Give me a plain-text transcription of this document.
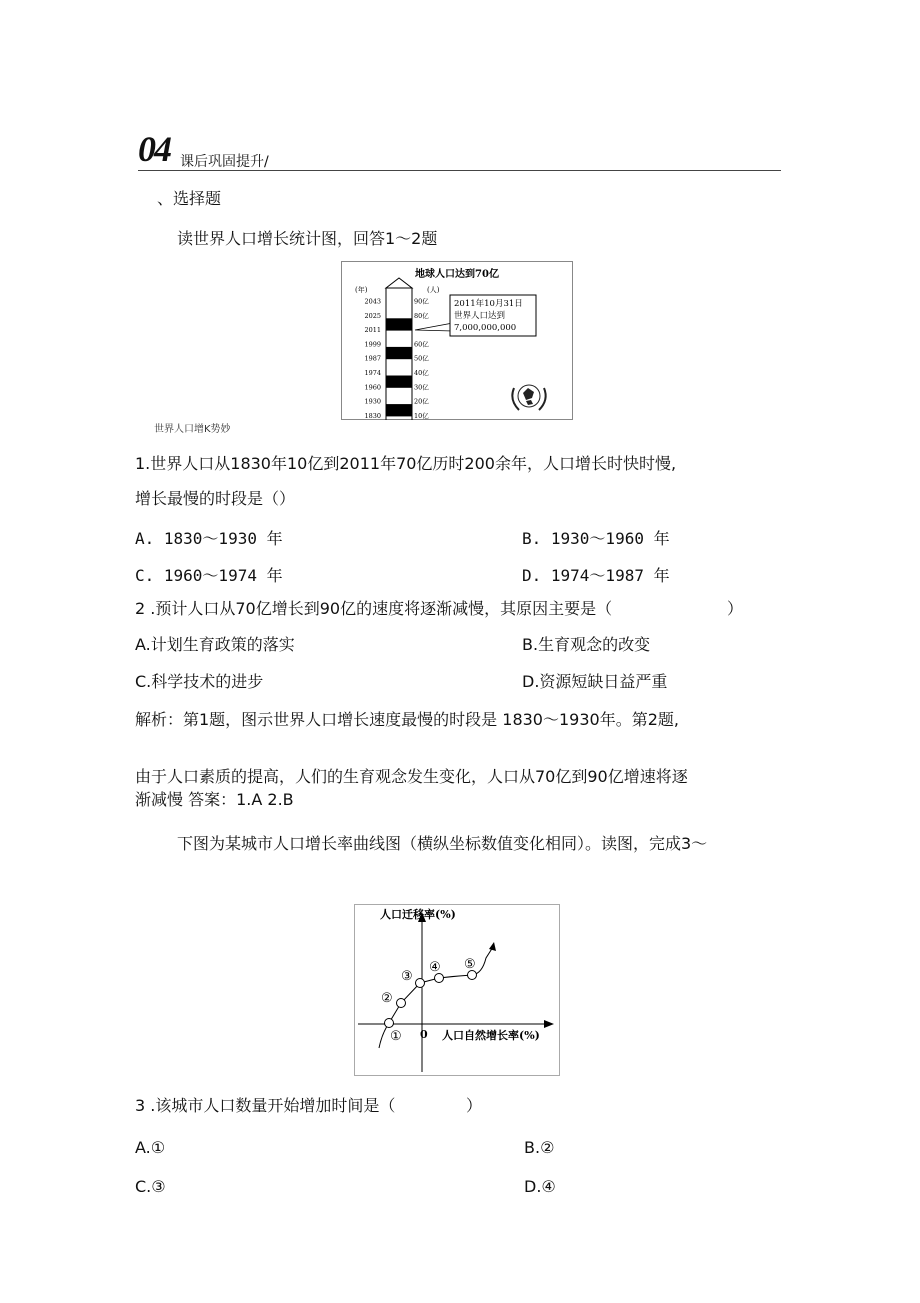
04 课后巩固提升/
、选择题
读世界人口增长统计图，回答1～2题
地球人口达到70亿
(年)	(人)
2043
2025
2011
1999
1987
1974
1960
1930
1830
90亿
80亿
60亿
50亿
40亿
30亿
20亿
10亿
2011年10月31日
世界人口达到
7,000,000,000
世界人口增K势妙
1.世界人口从1830年10亿到2011年70亿历时200余年，人口增长时快时慢,
增长最慢的时段是（）
A. 1830～1930 年	B. 1930～1960 年
C. 1960～1974 年	D. 1974～1987 年
2 .预计人口从70亿增长到90亿的速度将逐渐减慢，其原因主要是（	）
A.计划生育政策的落实	B.生育观念的改变
C.科学技术的进步	D.资源短缺日益严重
解析：第1题，图示世界人口增长速度最慢的时段是 1830～1930年。第2题,
由于人口素质的提高，人们的生育观念发生变化，人口从70亿到90亿增速将逐
渐减慢 答案：1.A 2.B
下图为某城市人口增长率曲线图（横纵坐标数值变化相同）。读图，完成3～
人口迁移率(%)
人口自然增长率(%)
0
①
②
③
④ ⑤
3 .该城市人口数量开始增加时间是（	）
A.①	B.②
C.③	D.④
